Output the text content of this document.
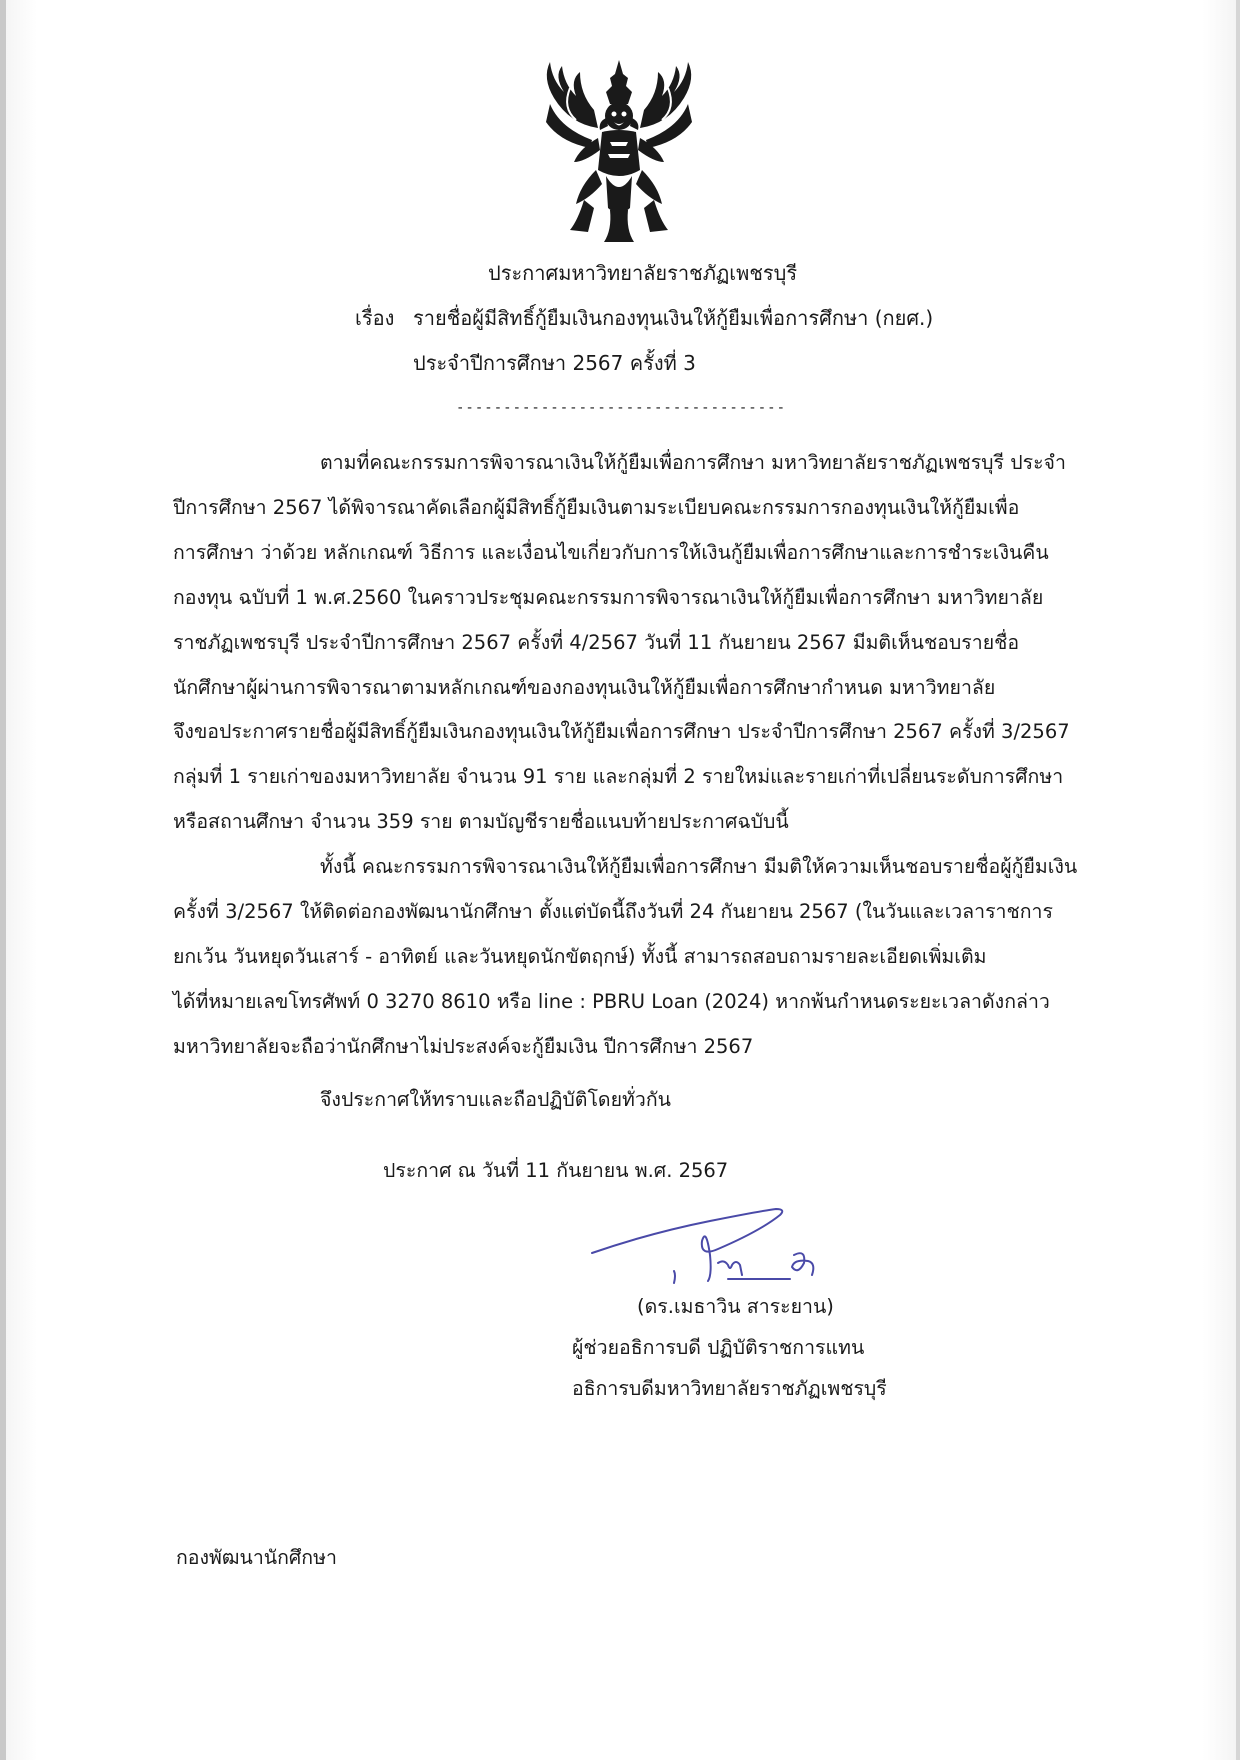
ประกาศมหาวิทยาลัยราชภัฏเพชรบุรี
เรื่อง รายชื่อผู้มีสิทธิ์กู้ยืมเงินกองทุนเงินให้กู้ยืมเพื่อการศึกษา (กยศ.)
ประจำปีการศึกษา 2567 ครั้งที่ 3
-----------------------------------
ตามที่คณะกรรมการพิจารณาเงินให้กู้ยืมเพื่อการศึกษา มหาวิทยาลัยราชภัฏเพชรบุรี ประจำ
ปีการศึกษา 2567 ได้พิจารณาคัดเลือกผู้มีสิทธิ์กู้ยืมเงินตามระเบียบคณะกรรมการกองทุนเงินให้กู้ยืมเพื่อ
การศึกษา ว่าด้วย หลักเกณฑ์ วิธีการ และเงื่อนไขเกี่ยวกับการให้เงินกู้ยืมเพื่อการศึกษาและการชำระเงินคืน
กองทุน ฉบับที่ 1 พ.ศ.2560 ในคราวประชุมคณะกรรมการพิจารณาเงินให้กู้ยืมเพื่อการศึกษา มหาวิทยาลัย
ราชภัฏเพชรบุรี ประจำปีการศึกษา 2567 ครั้งที่ 4/2567 วันที่ 11 กันยายน 2567 มีมติเห็นชอบรายชื่อ
นักศึกษาผู้ผ่านการพิจารณาตามหลักเกณฑ์ของกองทุนเงินให้กู้ยืมเพื่อการศึกษากำหนด มหาวิทยาลัย
จึงขอประกาศรายชื่อผู้มีสิทธิ์กู้ยืมเงินกองทุนเงินให้กู้ยืมเพื่อการศึกษา ประจำปีการศึกษา 2567 ครั้งที่ 3/2567
กลุ่มที่ 1 รายเก่าของมหาวิทยาลัย จำนวน 91 ราย และกลุ่มที่ 2 รายใหม่และรายเก่าที่เปลี่ยนระดับการศึกษา
หรือสถานศึกษา จำนวน 359 ราย ตามบัญชีรายชื่อแนบท้ายประกาศฉบับนี้
ทั้งนี้ คณะกรรมการพิจารณาเงินให้กู้ยืมเพื่อการศึกษา มีมติให้ความเห็นชอบรายชื่อผู้กู้ยืมเงิน
ครั้งที่ 3/2567 ให้ติดต่อกองพัฒนานักศึกษา ตั้งแต่บัดนี้ถึงวันที่ 24 กันยายน 2567 (ในวันและเวลาราชการ
ยกเว้น วันหยุดวันเสาร์ - อาทิตย์ และวันหยุดนักขัตฤกษ์) ทั้งนี้ สามารถสอบถามรายละเอียดเพิ่มเติม
ได้ที่หมายเลขโทรศัพท์ 0 3270 8610 หรือ line : PBRU Loan (2024) หากพ้นกำหนดระยะเวลาดังกล่าว
มหาวิทยาลัยจะถือว่านักศึกษาไม่ประสงค์จะกู้ยืมเงิน ปีการศึกษา 2567
จึงประกาศให้ทราบและถือปฏิบัติโดยทั่วกัน
ประกาศ ณ วันที่ 11 กันยายน พ.ศ. 2567
(ดร.เมธาวิน สาระยาน)
ผู้ช่วยอธิการบดี ปฏิบัติราชการแทน
อธิการบดีมหาวิทยาลัยราชภัฏเพชรบุรี
กองพัฒนานักศึกษา
